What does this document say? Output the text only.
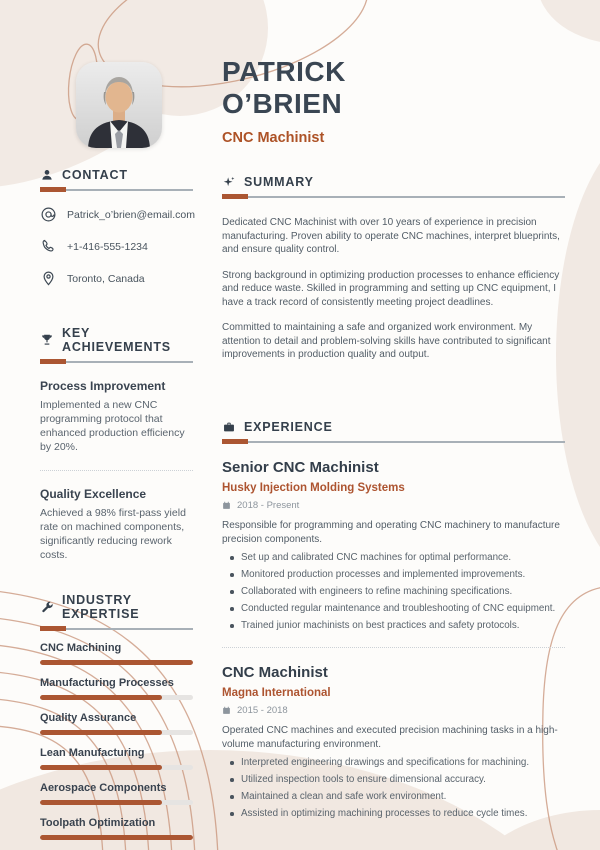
PATRICK
O’BRIEN
CNC Machinist
CONTACT
Patrick_o’brien@email.com
+1-416-555-1234
Toronto, Canada
KEY ACHIEVEMENTS
Process Improvement
Implemented a new CNC programming protocol that enhanced production efficiency by 20%.
Quality Excellence
Achieved a 98% first-pass yield rate on machined components, significantly reducing rework costs.
INDUSTRY EXPERTISE
CNC Machining
Manufacturing Processes
Quality Assurance
Lean Manufacturing
Aerospace Components
Toolpath Optimization
SUMMARY

Dedicated CNC Machinist with over 10 years of experience in precision manufacturing. Proven ability to operate CNC machines, interpret blueprints, and ensure quality control.

Strong background in optimizing production processes to enhance efficiency and reduce waste. Skilled in programming and setting up CNC equipment, I have a track record of consistently meeting project deadlines.

Committed to maintaining a safe and organized work environment. My attention to detail and problem-solving skills have contributed to significant improvements in production quality and output.

EXPERIENCE
Senior CNC Machinist
Husky Injection Molding Systems
2018 - Present
Responsible for programming and operating CNC machinery to manufacture precision components.
Set up and calibrated CNC machines for optimal performance.
Monitored production processes and implemented improvements.
Collaborated with engineers to refine machining specifications.
Conducted regular maintenance and troubleshooting of CNC equipment.
Trained junior machinists on best practices and safety protocols.
CNC Machinist
Magna International
2015 - 2018
Operated CNC machines and executed precision machining tasks in a high-volume manufacturing environment.
Interpreted engineering drawings and specifications for machining.
Utilized inspection tools to ensure dimensional accuracy.
Maintained a clean and safe work environment.
Assisted in optimizing machining processes to reduce cycle times.
